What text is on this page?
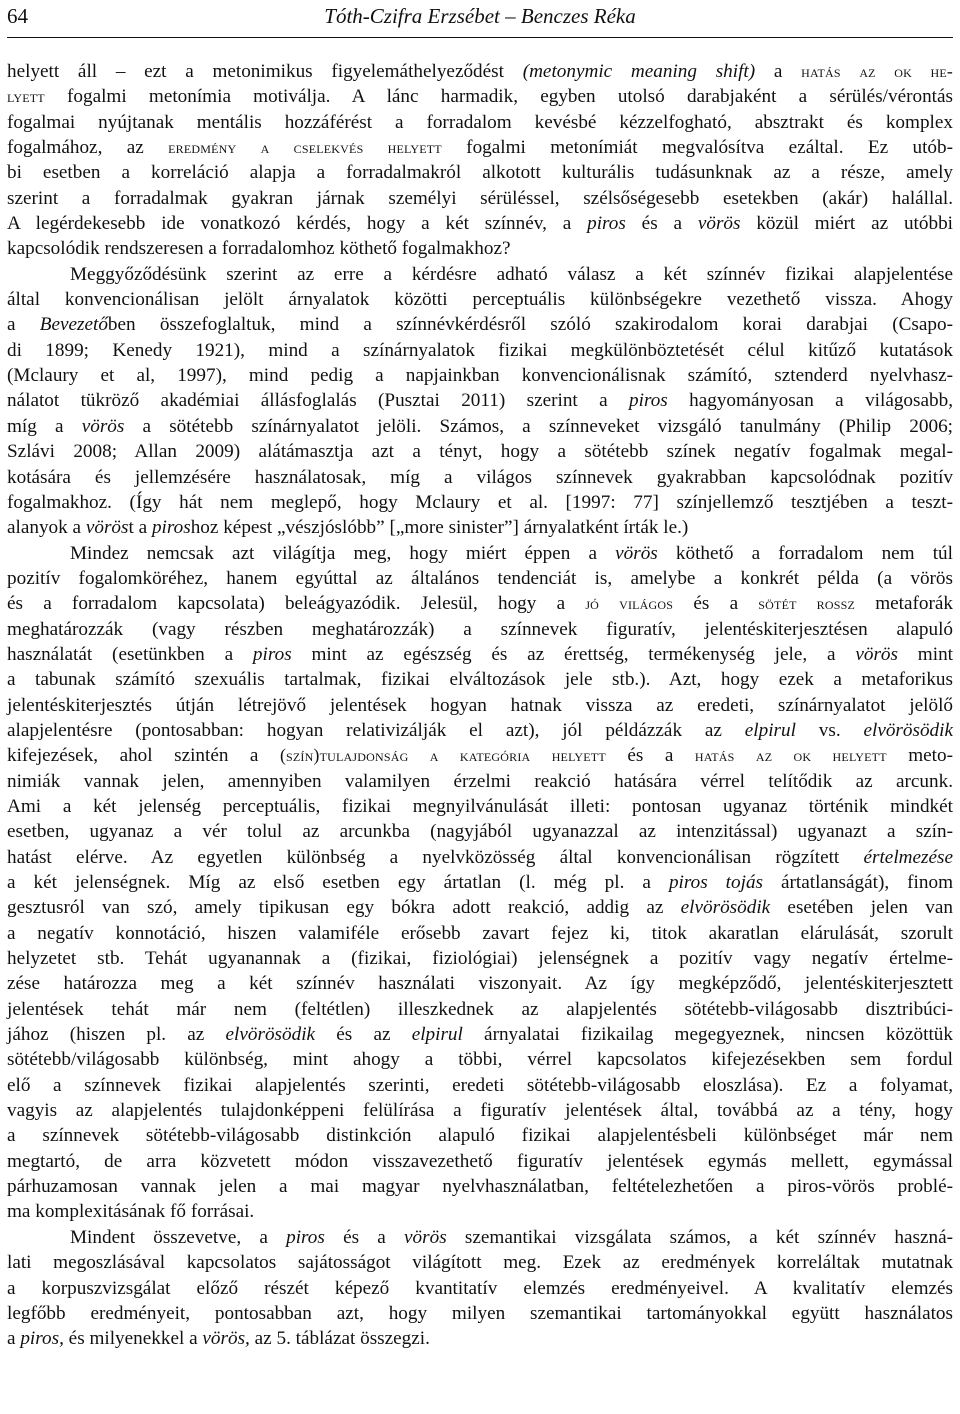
64	Tóth-Czifra Erzsébet – Benczes Réka
helyett áll – ezt a metonimikus figyelemáthelyeződést (metonymic meaning shift) a hatás az ok he-
lyett fogalmi metonímia motiválja. A lánc harmadik, egyben utolsó darabjaként a sérülés/vérontás
fogalmai nyújtanak mentális hozzáférést a forradalom kevésbé kézzelfogható, absztrakt és komplex
fogalmához, az eredmény a cselekvés helyett fogalmi metonímiát megvalósítva ezáltal. Ez utób-
bi esetben a korreláció alapja a forradalmakról alkotott kulturális tudásunknak az a része, amely
szerint a forradalmak gyakran járnak személyi sérüléssel, szélsőségesebb esetekben (akár) halállal.
A legérdekesebb ide vonatkozó kérdés, hogy a két színnév, a piros és a vörös közül miért az utóbbi
kapcsolódik rendszeresen a forradalomhoz köthető fogalmakhoz?
Meggyőződésünk szerint az erre a kérdésre adható válasz a két színnév fizikai alapjelentése
által konvencionálisan jelölt árnyalatok közötti perceptuális különbségekre vezethető vissza. Ahogy
a Bevezetőben összefoglaltuk, mind a színnévkérdésről szóló szakirodalom korai darabjai (Csapo-
di 1899; Kenedy 1921), mind a színárnyalatok fizikai megkülönböztetését célul kitűző kutatások
(Mclaury et al, 1997), mind pedig a napjainkban konvencionálisnak számító, sztenderd nyelvhasz-
nálatot tükröző akadémiai állásfoglalás (Pusztai 2011) szerint a piros hagyományosan a világosabb,
míg a vörös a sötétebb színárnyalatot jelöli. Számos, a színneveket vizsgáló tanulmány (Philip 2006;
Szlávi 2008; Allan 2009) alátámasztja azt a tényt, hogy a sötétebb színek negatív fogalmak megal-
kotására és jellemzésére használatosak, míg a világos színnevek gyakrabban kapcsolódnak pozitív
fogalmakhoz. (Így hát nem meglepő, hogy Mclaury et al. [1997: 77] színjellemző tesztjében a teszt-
alanyok a vöröst a piroshoz képest „vészjóslóbb” [„more sinister”] árnyalatként írták le.)
Mindez nemcsak azt világítja meg, hogy miért éppen a vörös köthető a forradalom nem túl
pozitív fogalomköréhez, hanem egyúttal az általános tendenciát is, amelybe a konkrét példa (a vörös
és a forradalom kapcsolata) beleágyazódik. Jelesül, hogy a jó világos és a sötét rossz metaforák
meghatározzák (vagy részben meghatározzák) a színnevek figuratív, jelentéskiterjesztésen alapuló
használatát (esetünkben a piros mint az egészség és az érettség, termékenység jele, a vörös mint
a tabunak számító szexuális tartalmak, fizikai elváltozások jele stb.). Azt, hogy ezek a metaforikus
jelentéskiterjesztés útján létrejövő jelentések hogyan hatnak vissza az eredeti, színárnyalatot jelölő
alapjelentésre (pontosabban: hogyan relativizálják el azt), jól példázzák az elpirul vs. elvörösödik
kifejezések, ahol szintén a (szín)tulajdonság a kategória helyett és a hatás az ok helyett meto-
nimiák vannak jelen, amennyiben valamilyen érzelmi reakció hatására vérrel telítődik az arcunk.
Ami a két jelenség perceptuális, fizikai megnyilvánulását illeti: pontosan ugyanaz történik mindkét
esetben, ugyanaz a vér tolul az arcunkba (nagyjából ugyanazzal az intenzitással) ugyanazt a szín-
hatást elérve. Az egyetlen különbség a nyelvközösség által konvencionálisan rögzített értelmezése
a két jelenségnek. Míg az első esetben egy ártatlan (l. még pl. a piros tojás ártatlanságát), finom
gesztusról van szó, amely tipikusan egy bókra adott reakció, addig az elvörösödik esetében jelen van
a negatív konnotáció, hiszen valamiféle erősebb zavart fejez ki, titok akaratlan elárulását, szorult
helyzetet stb. Tehát ugyanannak a (fizikai, fiziológiai) jelenségnek a pozitív vagy negatív értelme-
zése határozza meg a két színnév használati viszonyait. Az így megképződő, jelentéskiterjesztett
jelentések tehát már nem (feltétlen) illeszkednek az alapjelentés sötétebb-világosabb disztribúci-
jához (hiszen pl. az elvörösödik és az elpirul árnyalatai fizikailag megegyeznek, nincsen közöttük
sötétebb/világosabb különbség, mint ahogy a többi, vérrel kapcsolatos kifejezésekben sem fordul
elő a színnevek fizikai alapjelentés szerinti, eredeti sötétebb-világosabb eloszlása). Ez a folyamat,
vagyis az alapjelentés tulajdonképpeni felülírása a figuratív jelentések által, továbbá az a tény, hogy
a színnevek sötétebb-világosabb distinkción alapuló fizikai alapjelentésbeli különbséget már nem
megtartó, de arra közvetett módon visszavezethető figuratív jelentések egymás mellett, egymással
párhuzamosan vannak jelen a mai magyar nyelvhasználatban, feltételezhetően a piros-vörös problé-
ma komplexitásának fő forrásai.
Mindent összevetve, a piros és a vörös szemantikai vizsgálata számos, a két színnév haszná-
lati megoszlásával kapcsolatos sajátosságot világított meg. Ezek az eredmények korreláltak mutatnak
a korpuszvizsgálat előző részét képező kvantitatív elemzés eredményeivel. A kvalitatív elemzés
legfőbb eredményeit, pontosabban azt, hogy milyen szemantikai tartományokkal együtt használatos
a piros, és milyenekkel a vörös, az 5. táblázat összegzi.
